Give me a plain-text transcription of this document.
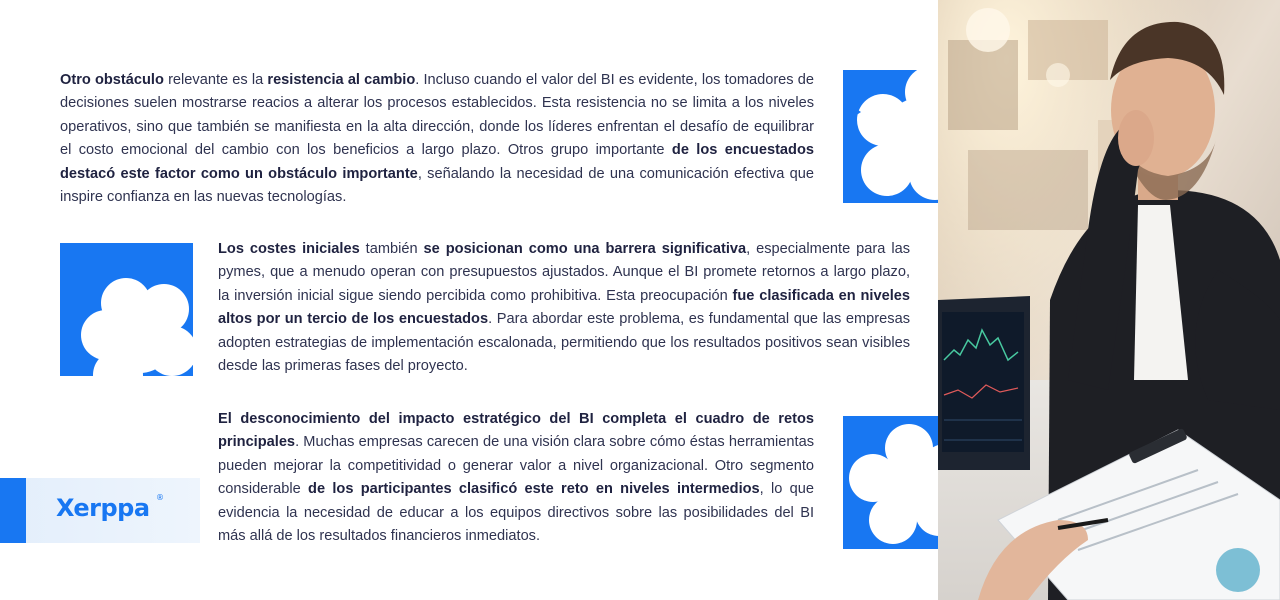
Otro obstáculo relevante es la resistencia al cambio. Incluso cuando el valor del BI es evidente, los tomadores de decisiones suelen mostrarse reacios a alterar los procesos establecidos. Esta resistencia no se limita a los niveles operativos, sino que también se manifiesta en la alta dirección, donde los líderes enfrentan el desafío de equilibrar el costo emocional del cambio con los beneficios a largo plazo. Otros grupo importante de los encuestados destacó este factor como un obstáculo importante, señalando la necesidad de una comunicación efectiva que inspire confianza en las nuevas tecnologías.
Los costes iniciales también se posicionan como una barrera significativa, especialmente para las pymes, que a menudo operan con presupuestos ajustados. Aunque el BI promete retornos a largo plazo, la inversión inicial sigue siendo percibida como prohibitiva. Esta preocupación fue clasificada en niveles altos por un tercio de los encuestados. Para abordar este problema, es fundamental que las empresas adopten estrategias de implementación escalonada, permitiendo que los resultados positivos sean visibles desde las primeras fases del proyecto.
El desconocimiento del impacto estratégico del BI completa el cuadro de retos principales. Muchas empresas carecen de una visión clara sobre cómo éstas herramientas pueden mejorar la competitividad o generar valor a nivel organizacional. Otro segmento considerable de los participantes clasificó este reto en niveles intermedios, lo que evidencia la necesidad de educar a los equipos directivos sobre las posibilidades del BI más allá de los resultados financieros inmediatos.
Xerppa ®
